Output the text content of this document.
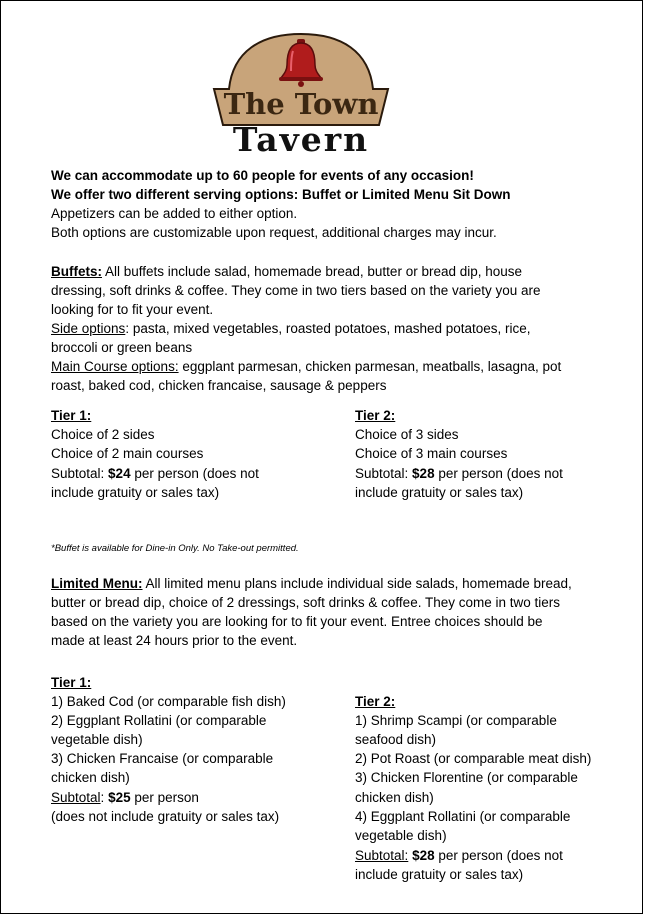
The Town
Tavern
We can accommodate up to 60 people for events of any occasion!
We offer two different serving options: Buffet or Limited Menu Sit Down
Appetizers can be added to either option.
Both options are customizable upon request, additional charges may incur.
Buffets: All buffets include salad, homemade bread, butter or bread dip, house
dressing, soft drinks & coffee. They come in two tiers based on the variety you are
looking for to fit your event.
Side options: pasta, mixed vegetables, roasted potatoes, mashed potatoes, rice,
broccoli or green beans
Main Course options: eggplant parmesan, chicken parmesan, meatballs, lasagna, pot
roast, baked cod, chicken francaise, sausage & peppers
Tier 1:
Choice of 2 sides
Choice of 2 main courses
Subtotal: $24 per person (does not
include gratuity or sales tax)
Tier 2:
Choice of 3 sides
Choice of 3 main courses
Subtotal: $28 per person (does not
include gratuity or sales tax)
*Buffet is available for Dine-in Only. No Take-out permitted.
Limited Menu: All limited menu plans include individual side salads, homemade bread,
butter or bread dip, choice of 2 dressings, soft drinks & coffee. They come in two tiers
based on the variety you are looking for to fit your event. Entree choices should be
made at least 24 hours prior to the event.
Tier 1:
1) Baked Cod (or comparable fish dish)
2) Eggplant Rollatini (or comparable
vegetable dish)
3) Chicken Francaise (or comparable
chicken dish)
Subtotal: $25 per person
(does not include gratuity or sales tax)
Tier 2:
1) Shrimp Scampi (or comparable
seafood dish)
2) Pot Roast (or comparable meat dish)
3) Chicken Florentine (or comparable
chicken dish)
4) Eggplant Rollatini (or comparable
vegetable dish)
Subtotal: $28 per person (does not
include gratuity or sales tax)
